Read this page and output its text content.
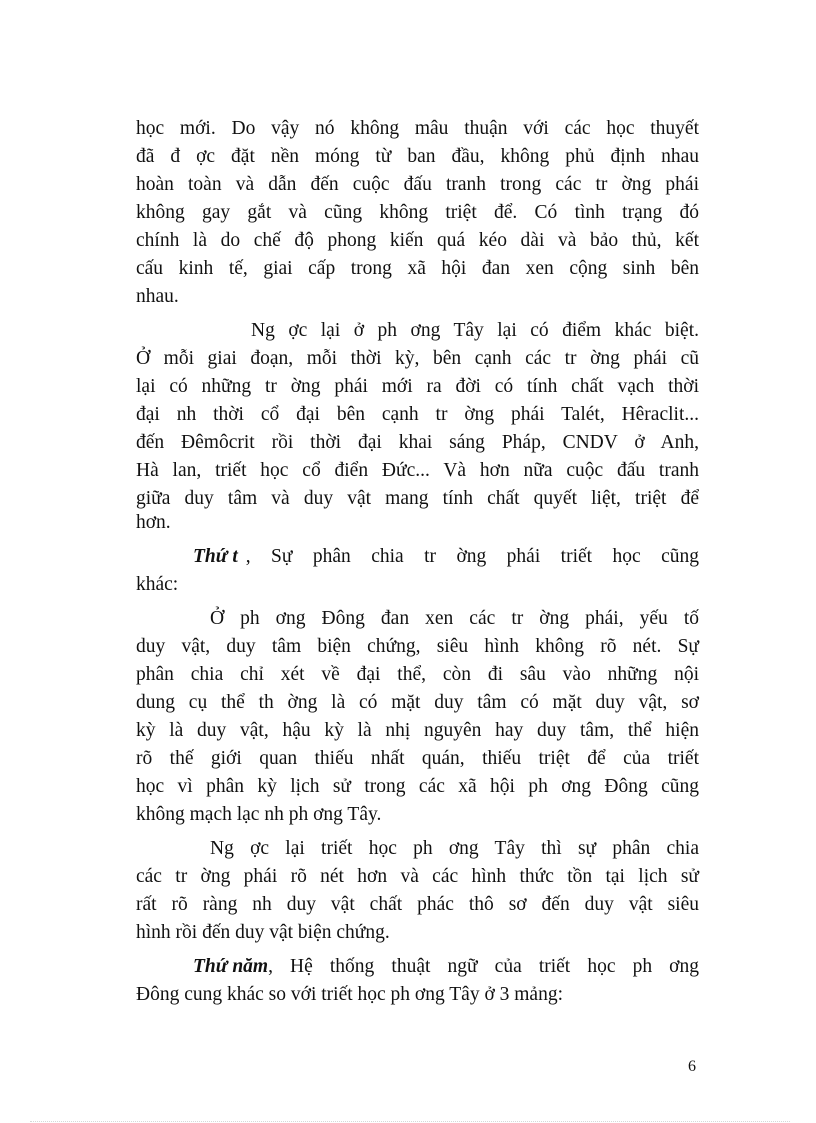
học mới. Do vậy nó không mâu thuận với các học thuyết
đã đ ợc đặt nền móng từ ban đầu, không phủ định nhau
hoàn toàn và dẫn đến cuộc đấu tranh trong các tr ờng phái
không gay gắt và cũng không triệt để. Có tình trạng đó
chính là do chế độ phong kiến quá kéo dài và bảo thủ, kết
cấu kinh tế, giai cấp trong xã hội đan xen cộng sinh bên
nhau.
Ng ợc lại ở ph ơng Tây lại có điểm khác biệt.
Ở mỗi giai đoạn, mỗi thời kỳ, bên cạnh các tr ờng phái cũ
lại có những tr ờng phái mới ra đời có tính chất vạch thời
đại nh thời cổ đại bên cạnh tr ờng phái Talét, Hêraclit...
đến Đêmôcrit rồi thời đại khai sáng Pháp, CNDV ở Anh,
Hà lan, triết học cổ điển Đức... Và hơn nữa cuộc đấu tranh
giữa duy tâm và duy vật mang tính chất quyết liệt, triệt để
hơn.
Thứ t , Sự phân chia tr ờng phái triết học cũng
khác:
Ở ph ơng Đông đan xen các tr ờng phái, yếu tố
duy vật, duy tâm biện chứng, siêu hình không rõ nét. Sự
phân chia chỉ xét về đại thể, còn đi sâu vào những nội
dung cụ thể th ờng là có mặt duy tâm có mặt duy vật, sơ
kỳ là duy vật, hậu kỳ là nhị nguyên hay duy tâm, thể hiện
rõ thế giới quan thiếu nhất quán, thiếu triệt để của triết
học vì phân kỳ lịch sử trong các xã hội ph ơng Đông cũng
không mạch lạc nh ph ơng Tây.
Ng ợc lại triết học ph ơng Tây thì sự phân chia
các tr ờng phái rõ nét hơn và các hình thức tồn tại lịch sử
rất rõ ràng nh duy vật chất phác thô sơ đến duy vật siêu
hình rồi đến duy vật biện chứng.
Thứ năm , Hệ thống thuật ngữ của triết học ph ơng
Đông cung khác so với triết học ph ơng Tây ở 3 mảng:
6
